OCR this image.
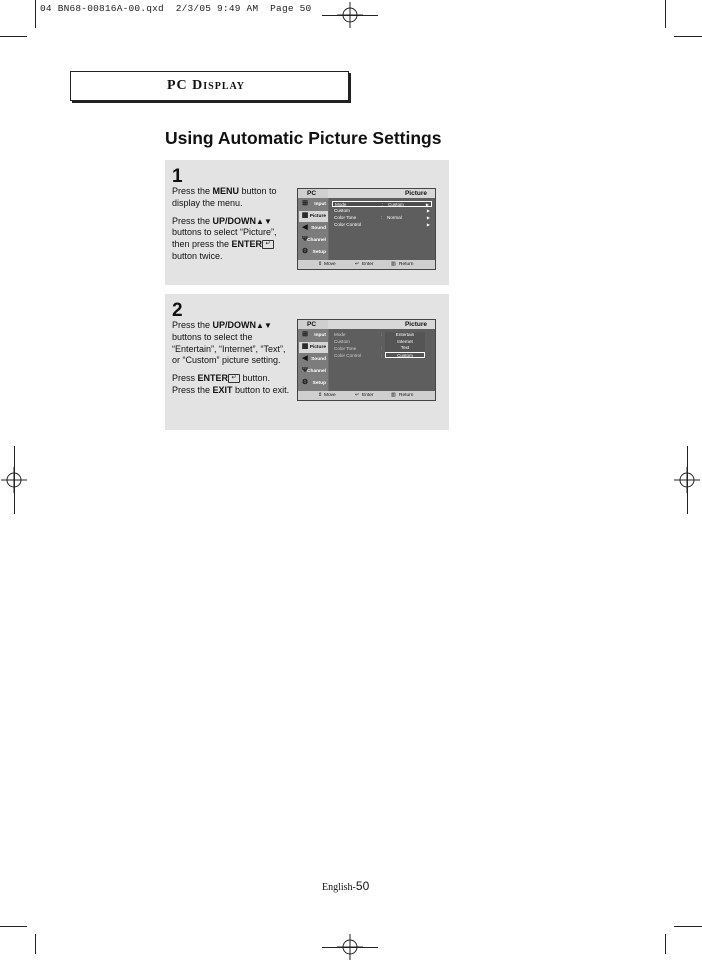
04 BN68-00816A-00.qxd  2/3/05 9:49 AM  Page 50
PC Display
Using Automatic Picture Settings
1

Press the MENU button to display the menu.

Press the UP/DOWN▲▼ buttons to select “Picture”, then press the ENTER ↵ button twice.

PC	Picture
⊞	Input
▦ Picture
◀ Sound
Ψ Channel
⚙ Setup
Mode	: Custom	▶
Custom	▶
Color Tone	: Normal	▶
Color Control	▶
⇕ Move	↵ Enter	▥ Return
2

Press the UP/DOWN▲▼ buttons to select the “Entertain”, “Internet”, “Text”, or “Custom” picture setting.

Press ENTER ↵ button.

Press the EXIT button to exit.

PC	Picture
⊞	Input
▦ Picture
◀ Sound
Ψ Channel
⚙ Setup
Mode	:
Custom
Color Tone	:
Color Control	:
Entertain
Internet
Text
Custom
⇕ Move	↵ Enter	▥ Return
English-50
